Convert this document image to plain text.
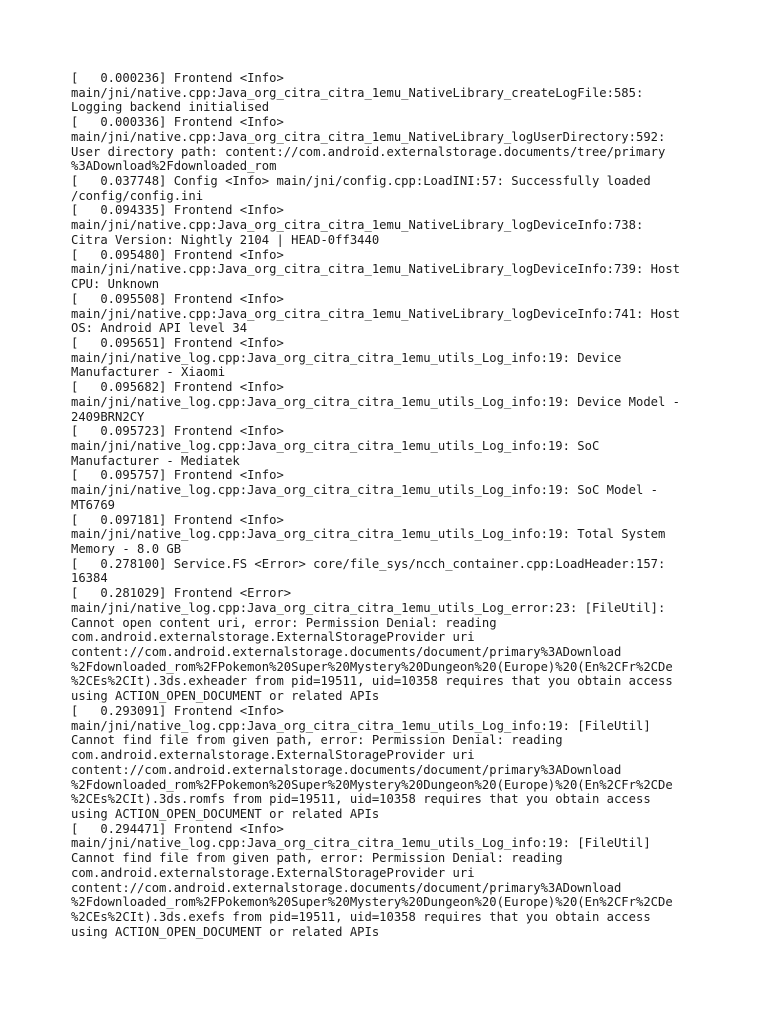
[   0.000236] Frontend <Info>
main/jni/native.cpp:Java_org_citra_citra_1emu_NativeLibrary_createLogFile:585:
Logging backend initialised
[   0.000336] Frontend <Info>
main/jni/native.cpp:Java_org_citra_citra_1emu_NativeLibrary_logUserDirectory:592:
User directory path: content://com.android.externalstorage.documents/tree/primary
%3ADownload%2Fdownloaded_rom
[   0.037748] Config <Info> main/jni/config.cpp:LoadINI:57: Successfully loaded
/config/config.ini
[   0.094335] Frontend <Info>
main/jni/native.cpp:Java_org_citra_citra_1emu_NativeLibrary_logDeviceInfo:738:
Citra Version: Nightly 2104 | HEAD-0ff3440
[   0.095480] Frontend <Info>
main/jni/native.cpp:Java_org_citra_citra_1emu_NativeLibrary_logDeviceInfo:739: Host
CPU: Unknown
[   0.095508] Frontend <Info>
main/jni/native.cpp:Java_org_citra_citra_1emu_NativeLibrary_logDeviceInfo:741: Host
OS: Android API level 34
[   0.095651] Frontend <Info>
main/jni/native_log.cpp:Java_org_citra_citra_1emu_utils_Log_info:19: Device
Manufacturer - Xiaomi
[   0.095682] Frontend <Info>
main/jni/native_log.cpp:Java_org_citra_citra_1emu_utils_Log_info:19: Device Model -
2409BRN2CY
[   0.095723] Frontend <Info>
main/jni/native_log.cpp:Java_org_citra_citra_1emu_utils_Log_info:19: SoC
Manufacturer - Mediatek
[   0.095757] Frontend <Info>
main/jni/native_log.cpp:Java_org_citra_citra_1emu_utils_Log_info:19: SoC Model -
MT6769
[   0.097181] Frontend <Info>
main/jni/native_log.cpp:Java_org_citra_citra_1emu_utils_Log_info:19: Total System
Memory - 8.0 GB
[   0.278100] Service.FS <Error> core/file_sys/ncch_container.cpp:LoadHeader:157:
16384
[   0.281029] Frontend <Error>
main/jni/native_log.cpp:Java_org_citra_citra_1emu_utils_Log_error:23: [FileUtil]:
Cannot open content uri, error: Permission Denial: reading
com.android.externalstorage.ExternalStorageProvider uri
content://com.android.externalstorage.documents/document/primary%3ADownload
%2Fdownloaded_rom%2FPokemon%20Super%20Mystery%20Dungeon%20(Europe)%20(En%2CFr%2CDe
%2CEs%2CIt).3ds.exheader from pid=19511, uid=10358 requires that you obtain access
using ACTION_OPEN_DOCUMENT or related APIs
[   0.293091] Frontend <Info>
main/jni/native_log.cpp:Java_org_citra_citra_1emu_utils_Log_info:19: [FileUtil]
Cannot find file from given path, error: Permission Denial: reading
com.android.externalstorage.ExternalStorageProvider uri
content://com.android.externalstorage.documents/document/primary%3ADownload
%2Fdownloaded_rom%2FPokemon%20Super%20Mystery%20Dungeon%20(Europe)%20(En%2CFr%2CDe
%2CEs%2CIt).3ds.romfs from pid=19511, uid=10358 requires that you obtain access
using ACTION_OPEN_DOCUMENT or related APIs
[   0.294471] Frontend <Info>
main/jni/native_log.cpp:Java_org_citra_citra_1emu_utils_Log_info:19: [FileUtil]
Cannot find file from given path, error: Permission Denial: reading
com.android.externalstorage.ExternalStorageProvider uri
content://com.android.externalstorage.documents/document/primary%3ADownload
%2Fdownloaded_rom%2FPokemon%20Super%20Mystery%20Dungeon%20(Europe)%20(En%2CFr%2CDe
%2CEs%2CIt).3ds.exefs from pid=19511, uid=10358 requires that you obtain access
using ACTION_OPEN_DOCUMENT or related APIs
